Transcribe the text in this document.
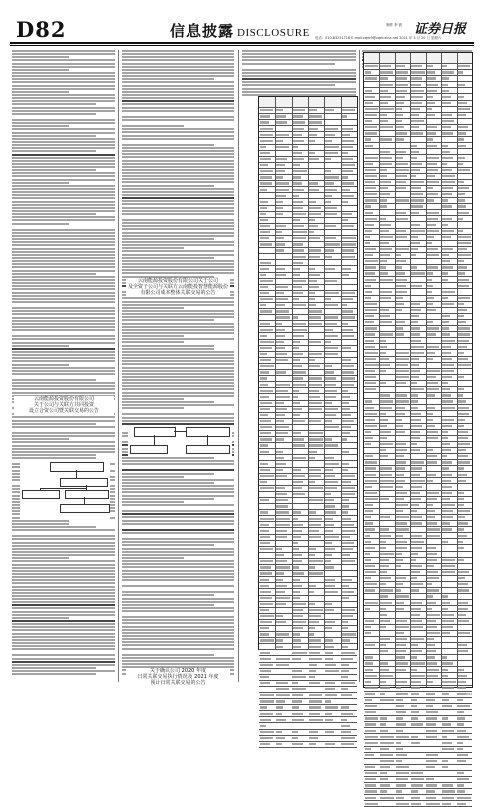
D82	信息披露 DISCLOSURE
制作 李 波 证券日报
电话：010-83251716 E-mail:zqrb9@zqrb.sina.net 2021 年 3 月 20 日 星期六
云南能源投资股份有限公司关于公司
及全资子公司与关联方云南能投智慧能源股份
有限公司成本整体关联交易的公告
云南能源投资股份有限公司
关于公司与关联方共同投资
设立合资公司暨关联交易的公告
关于确认公司 2020 年度
日常关联交易执行情况及 2021 年度
预计日常关联交易的公告
D82
